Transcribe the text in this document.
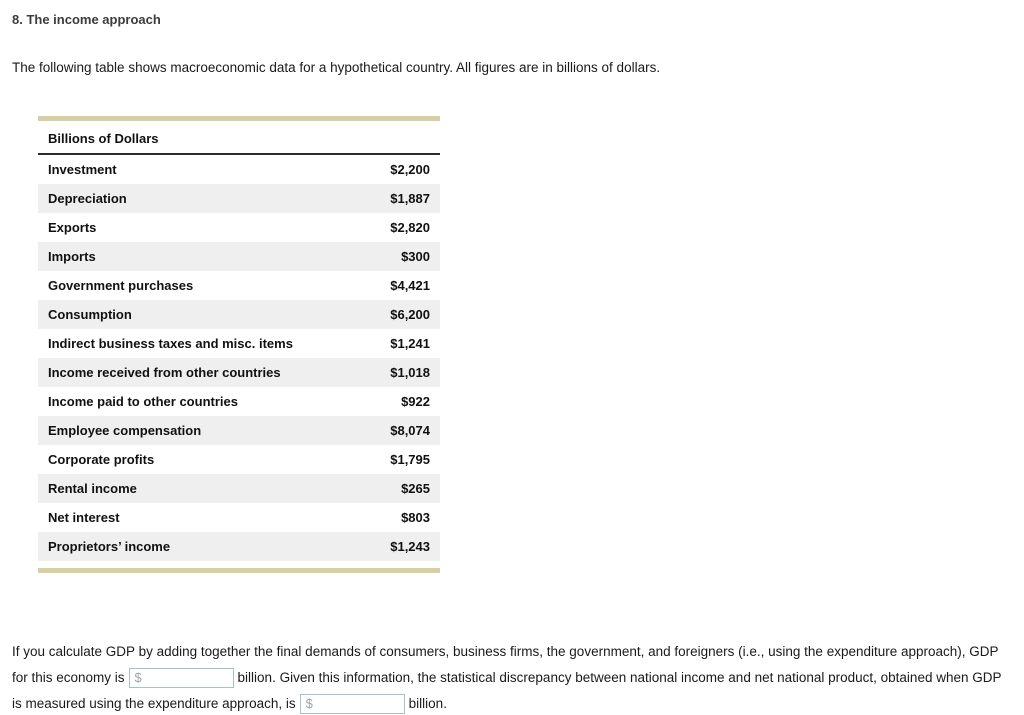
8. The income approach
The following table shows macroeconomic data for a hypothetical country. All figures are in billions of dollars.
Billions of Dollars
Investment	$2,200
Depreciation	$1,887
Exports	$2,820
Imports	$300
Government purchases	$4,421
Consumption	$6,200
Indirect business taxes and misc. items	$1,241
Income received from other countries	$1,018
Income paid to other countries	$922
Employee compensation	$8,074
Corporate profits	$1,795
Rental income	$265
Net interest	$803
Proprietors’ income	$1,243
If you calculate GDP by adding together the final demands of consumers, business firms, the government, and foreigners (i.e., using the expenditure approach), GDP for this economy is $	billion. Given this information, the statistical discrepancy between national income and net national product, obtained when GDP is measured using the expenditure approach, is $	billion.
